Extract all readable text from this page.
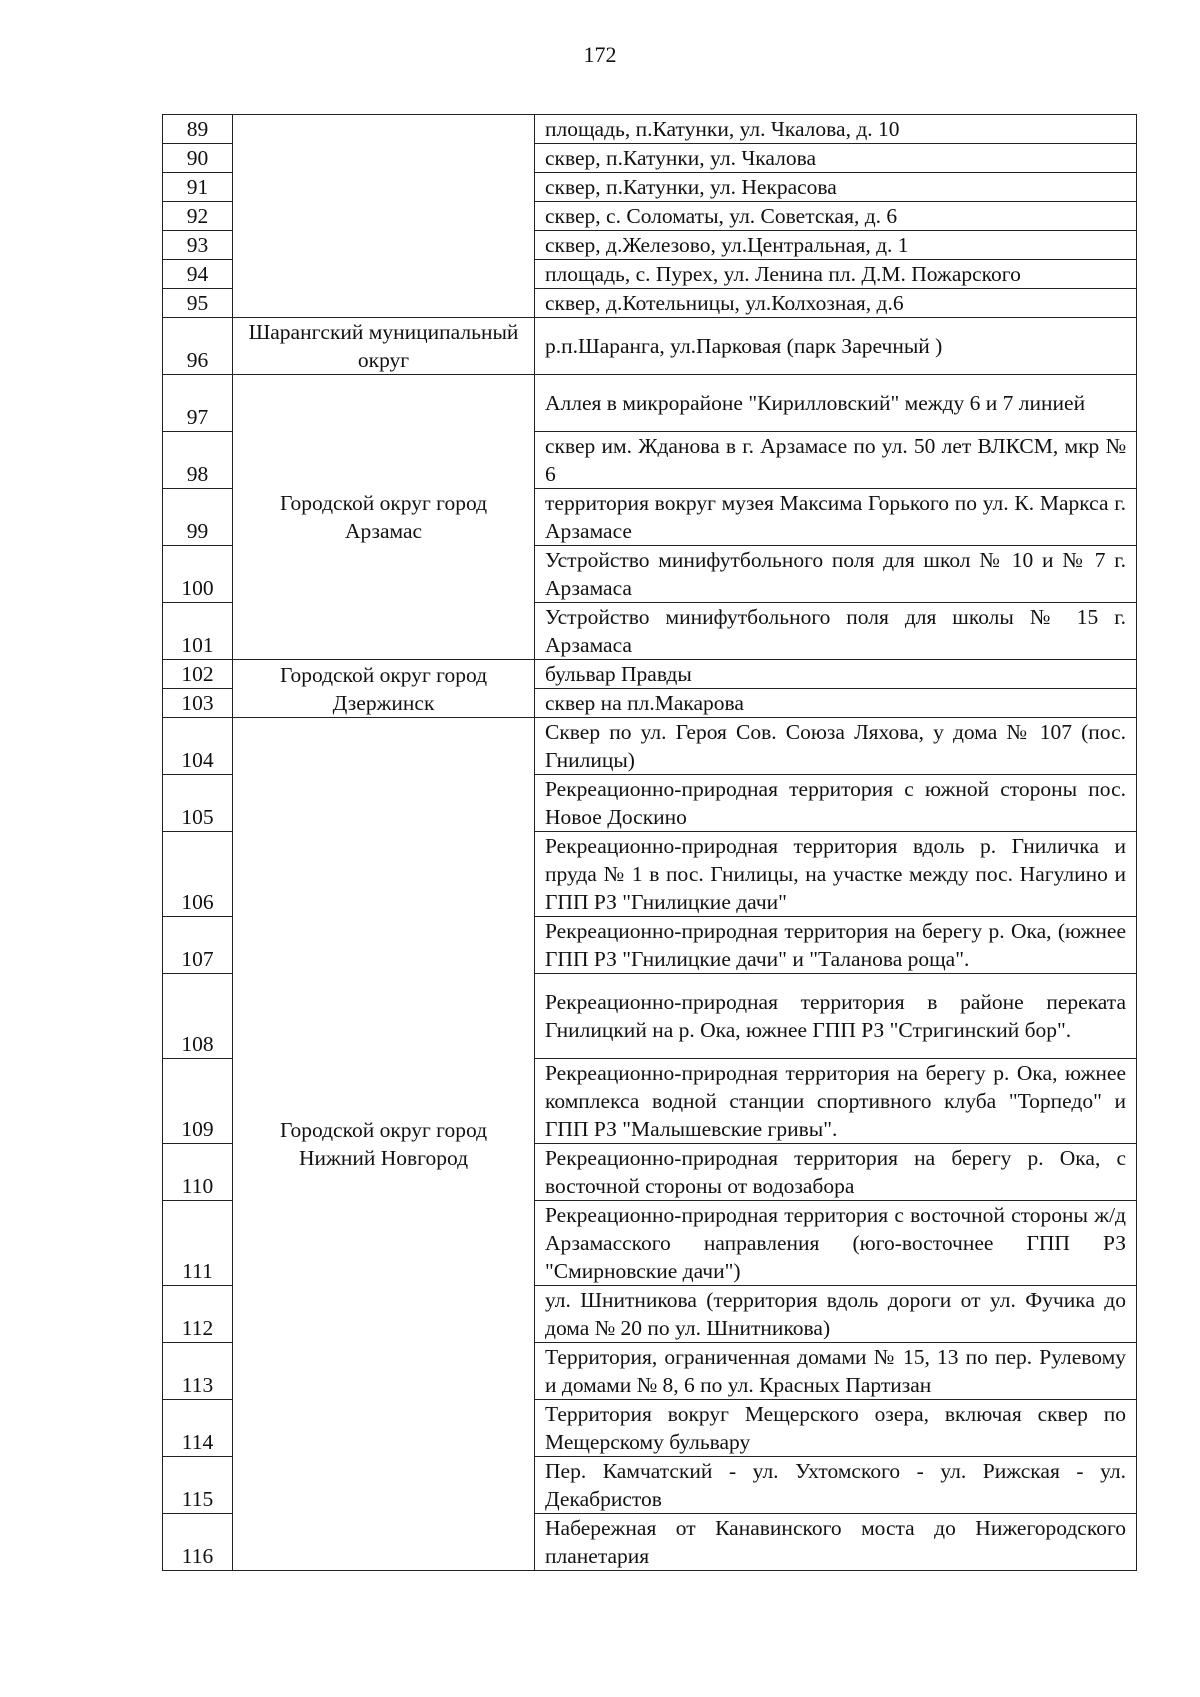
172
89		площадь, п.Катунки, ул. Чкалова, д. 10
90		сквер, п.Катунки, ул. Чкалова
91		сквер, п.Катунки, ул. Некрасова
92		сквер, с. Соломаты, ул. Советская, д. 6
93		сквер, д.Железово, ул.Центральная, д. 1
94		площадь, с. Пурех, ул. Ленина пл. Д.М. Пожарского
95		сквер, д.Котельницы, ул.Колхозная, д.6
96	Шарангский муниципальный округ	р.п.Шаранга, ул.Парковая (парк Заречный )
97	Городской округ город Арзамас	Аллея в микрорайоне "Кирилловский" между 6 и 7 линией
98		сквер им. Жданова в г. Арзамасе по ул. 50 лет ВЛКСМ, мкр № 6
99		территория вокруг музея Максима Горького по ул. К. Маркса г. Арзамасе
100		Устройство минифутбольного поля для школ № 10 и № 7 г. Арзамаса
101		Устройство минифутбольного поля для школы № 15 г. Арзамаса
102	Городской округ город Дзержинск	бульвар Правды
103		сквер на пл.Макарова
104	Городской округ город Нижний Новгород	Сквер по ул. Героя Сов. Союза Ляхова, у дома № 107 (пос. Гнилицы)
105		Рекреационно-природная территория с южной стороны пос. Новое Доскино
106		Рекреационно-природная территория вдоль р. Гниличка и пруда № 1 в пос. Гнилицы, на участке между пос. Нагулино и ГПП РЗ "Гнилицкие дачи"
107		Рекреационно-природная территория на берегу р. Ока, (южнее ГПП РЗ "Гнилицкие дачи" и "Таланова роща".
108		Рекреационно-природная территория в районе переката Гнилицкий на р. Ока, южнее ГПП РЗ "Стригинский бор".
109		Рекреационно-природная территория на берегу р. Ока, южнее комплекса водной станции спортивного клуба "Торпедо" и ГПП РЗ "Малышевские гривы".
110		Рекреационно-природная территория на берегу р. Ока, с восточной стороны от водозабора
111		Рекреационно-природная территория с восточной стороны ж/д Арзамасского направления (юго-восточнее ГПП РЗ "Смирновские дачи")
112		ул. Шнитникова (территория вдоль дороги от ул. Фучика до дома № 20 по ул. Шнитникова)
113		Территория, ограниченная домами № 15, 13 по пер. Рулевому и домами № 8, 6 по ул. Красных Партизан
114		Территория вокруг Мещерского озера, включая сквер по Мещерскому бульвару
115		Пер. Камчатский - ул. Ухтомского - ул. Рижская - ул. Декабристов
116		Набережная от Канавинского моста до Нижегородского планетария
